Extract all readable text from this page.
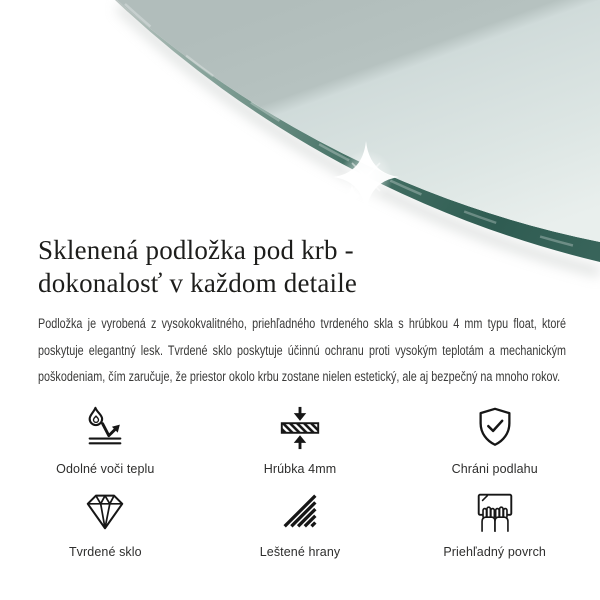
Sklenená podložka pod krb - dokonalosť v každom detaile

Podložka je vyrobená z vysokokvalitného, priehľadného tvrdeného skla s hrúbkou 4 mm typu float, ktoré poskytuje elegantný lesk. Tvrdené sklo poskytuje účinnú ochranu proti vysokým teplotám a mechanickým poškodeniam, čím zaručuje, že priestor okolo krbu zostane nielen estetický, ale aj bezpečný na mnoho rokov.

Odolné voči teplu	Hrúbka 4mm	Chráni podlahu
Tvrdené sklo	Leštené hrany	Priehľadný povrch
